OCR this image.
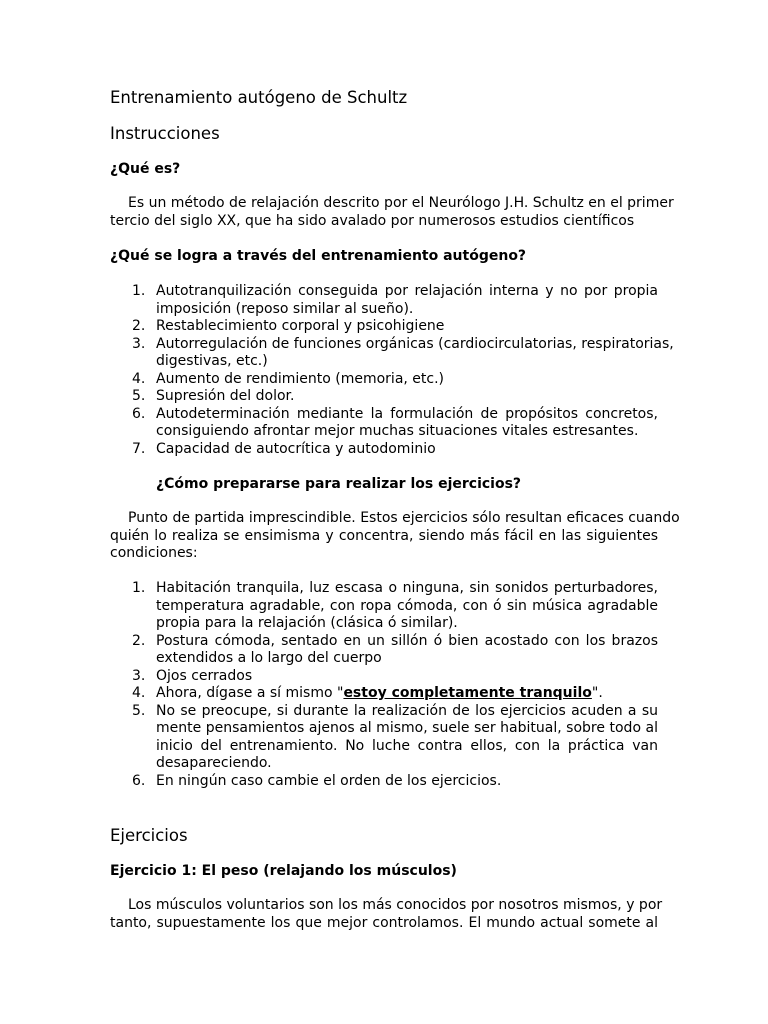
Entrenamiento autógeno de Schultz
Instrucciones
¿Qué es?
Es un método de relajación descrito por el Neurólogo J.H. Schultz en el primer
tercio del siglo XX, que ha sido avalado por numerosos estudios científicos
¿Qué se logra a través del entrenamiento autógeno?
1. Autotranquilización conseguida por relajación interna y no por propia
imposición (reposo similar al sueño).
2. Restablecimiento corporal y psicohigiene
3. Autorregulación de funciones orgánicas (cardiocirculatorias, respiratorias,
digestivas, etc.)
4. Aumento de rendimiento (memoria, etc.)
5. Supresión del dolor.
6. Autodeterminación mediante la formulación de propósitos concretos,
consiguiendo afrontar mejor muchas situaciones vitales estresantes.
7. Capacidad de autocrítica y autodominio
¿Cómo prepararse para realizar los ejercicios?
Punto de partida imprescindible. Estos ejercicios sólo resultan eficaces cuando
quién lo realiza se ensimisma y concentra, siendo más fácil en las siguientes
condiciones:
1. Habitación tranquila, luz escasa o ninguna, sin sonidos perturbadores,
temperatura agradable, con ropa cómoda, con ó sin música agradable
propia para la relajación (clásica ó similar).
2. Postura cómoda, sentado en un sillón ó bien acostado con los brazos
extendidos a lo largo del cuerpo
3. Ojos cerrados
4. Ahora, dígase a sí mismo "estoy completamente tranquilo".
5. No se preocupe, si durante la realización de los ejercicios acuden a su
mente pensamientos ajenos al mismo, suele ser habitual, sobre todo al
inicio del entrenamiento. No luche contra ellos, con la práctica van
desapareciendo.
6. En ningún caso cambie el orden de los ejercicios.
Ejercicios
Ejercicio 1: El peso (relajando los músculos)
Los músculos voluntarios son los más conocidos por nosotros mismos, y por
tanto, supuestamente los que mejor controlamos. El mundo actual somete al
